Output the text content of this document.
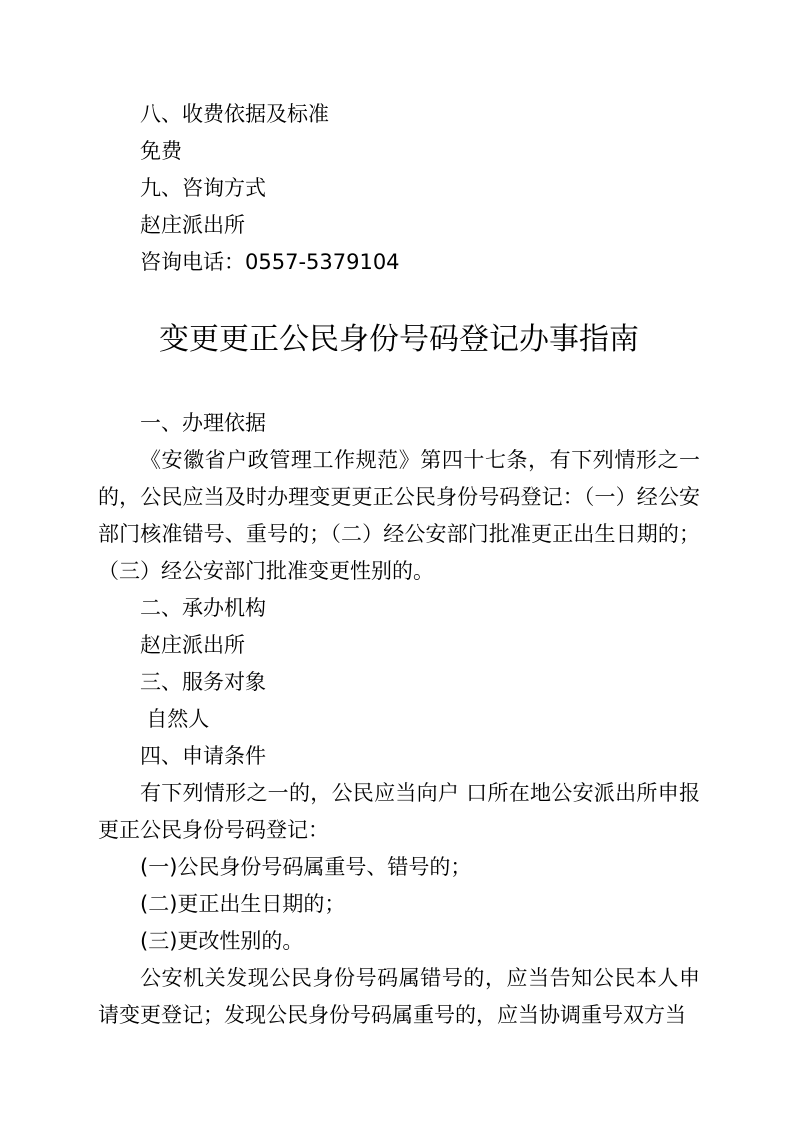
八、收费依据及标准

免费

九、咨询方式

赵庄派出所

咨询电话：0557-5379104

变更更正公民身份号码登记办事指南

一、办理依据

《安徽省户政管理工作规范》第四十七条，有下列情形之一的，公民应当及时办理变更更正公民身份号码登记：（一）经公安部门核准错号、重号的；（二）经公安部门批准更正出生日期的；（三）经公安部门批准变更性别的。

二、承办机构

赵庄派出所

三、服务对象

自然人

四、申请条件

有下列情形之一的，公民应当向户 口所在地公安派出所申报更正公民身份号码登记：

(一)公民身份号码属重号、错号的；

(二)更正出生日期的；

(三)更改性别的。

公安机关发现公民身份号码属错号的，应当告知公民本人申请变更登记；发现公民身份号码属重号的，应当协调重号双方当
